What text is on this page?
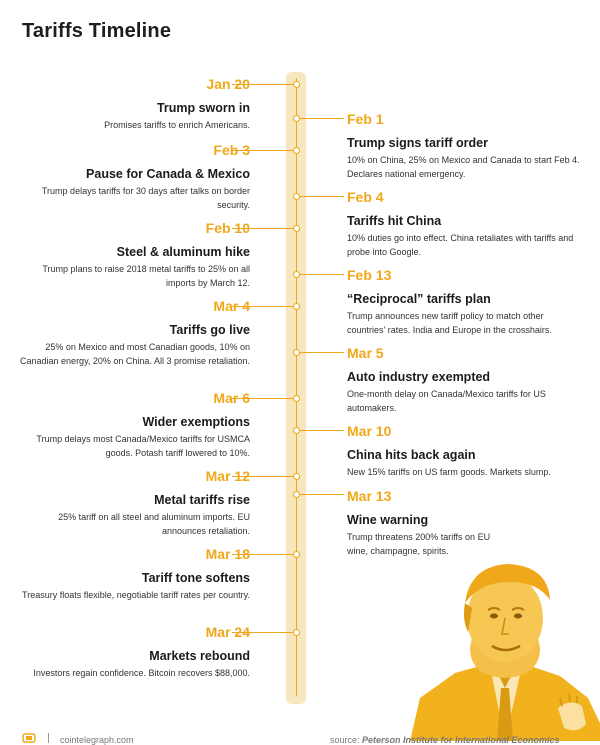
Tariffs Timeline
Jan 20
Trump sworn in
Promises tariffs to enrich Americans.
Feb 3
Pause for Canada & Mexico
Trump delays tariffs for 30 days after talks on border security.
Feb 10
Steel & aluminum hike
Trump plans to raise 2018 metal tariffs to 25% on all imports by March 12.
Mar 4
Tariffs go live
25% on Mexico and most Canadian goods, 10% on Canadian energy, 20% on China. All 3 promise retaliation.
Mar 6
Wider exemptions
Trump delays most Canada/Mexico tariffs for USMCA goods. Potash tariff lowered to 10%.
Mar 12
Metal tariffs rise
25% tariff on all steel and aluminum imports. EU announces retaliation.
Mar 18
Tariff tone softens
Treasury floats flexible, negotiable tariff rates per country.
Mar 24
Markets rebound
Investors regain confidence. Bitcoin recovers $88,000.
Feb 1
Trump signs tariff order
10% on China, 25% on Mexico and Canada to start Feb 4. Declares national emergency.
Feb 4
Tariffs hit China
10% duties go into effect. China retaliates with tariffs and probe into Google.
Feb 13
“Reciprocal” tariffs plan
Trump announces new tariff policy to match other countries' rates. India and Europe in the crosshairs.
Mar 5
Auto industry exempted
One-month delay on Canada/Mexico tariffs for US automakers.
Mar 10
China hits back again
New 15% tariffs on US farm goods. Markets slump.
Mar 13
Wine warning
Trump threatens 200% tariffs on EU wine, champagne, spirits.
cointelegraph.com	source: Peterson Institute for International Economics
